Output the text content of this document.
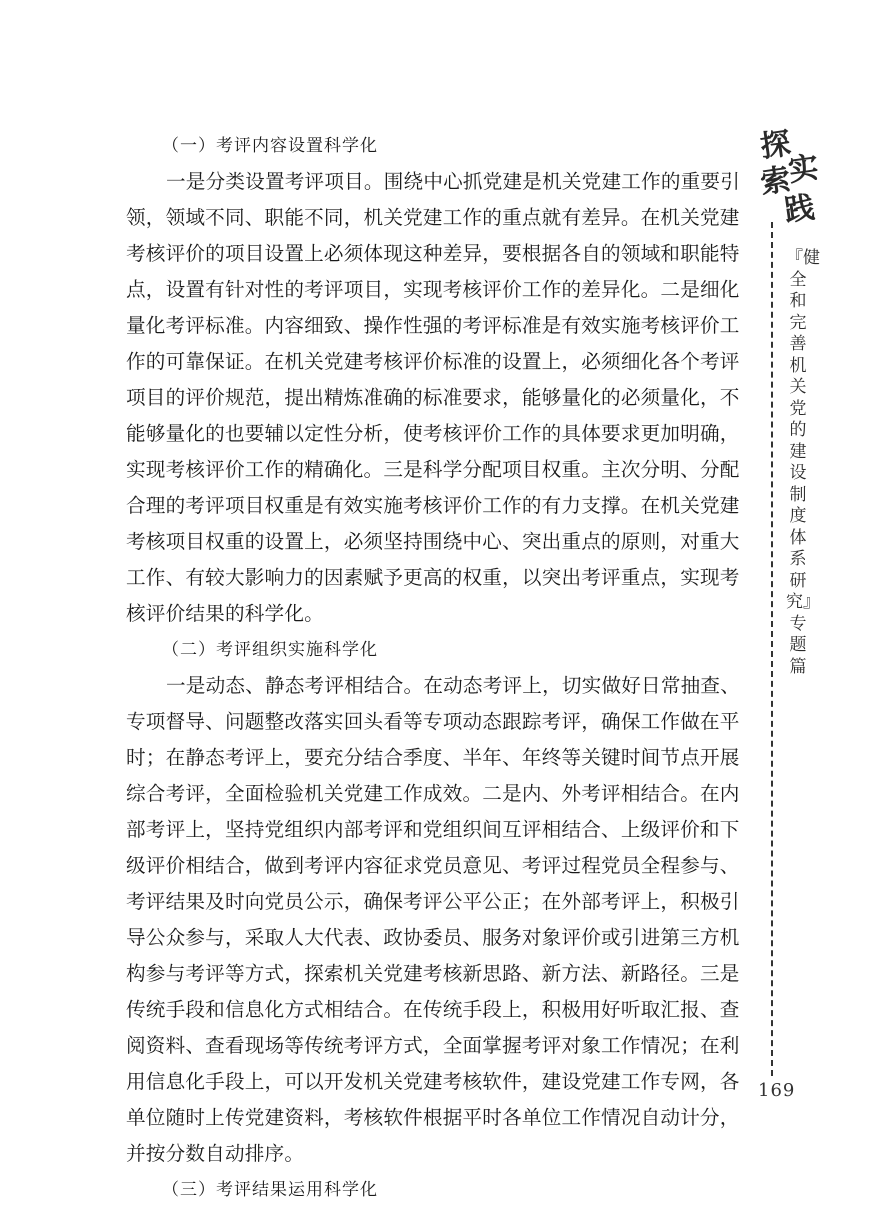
（一）考评内容设置科学化
一是分类设置考评项目。围绕中心抓党建是机关党建工作的重要引
领，领域不同、职能不同，机关党建工作的重点就有差异。在机关党建
考核评价的项目设置上必须体现这种差异，要根据各自的领域和职能特
点，设置有针对性的考评项目，实现考核评价工作的差异化。二是细化
量化考评标准。内容细致、操作性强的考评标准是有效实施考核评价工
作的可靠保证。在机关党建考核评价标准的设置上，必须细化各个考评
项目的评价规范，提出精炼准确的标准要求，能够量化的必须量化，不
能够量化的也要辅以定性分析，使考核评价工作的具体要求更加明确，
实现考核评价工作的精确化。三是科学分配项目权重。主次分明、分配
合理的考评项目权重是有效实施考核评价工作的有力支撑。在机关党建
考核项目权重的设置上，必须坚持围绕中心、突出重点的原则，对重大
工作、有较大影响力的因素赋予更高的权重，以突出考评重点，实现考
核评价结果的科学化。
（二）考评组织实施科学化
一是动态、静态考评相结合。在动态考评上，切实做好日常抽查、
专项督导、问题整改落实回头看等专项动态跟踪考评，确保工作做在平
时；在静态考评上，要充分结合季度、半年、年终等关键时间节点开展
综合考评，全面检验机关党建工作成效。二是内、外考评相结合。在内
部考评上，坚持党组织内部考评和党组织间互评相结合、上级评价和下
级评价相结合，做到考评内容征求党员意见、考评过程党员全程参与、
考评结果及时向党员公示，确保考评公平公正；在外部考评上，积极引
导公众参与，采取人大代表、政协委员、服务对象评价或引进第三方机
构参与考评等方式，探索机关党建考核新思路、新方法、新路径。三是
传统手段和信息化方式相结合。在传统手段上，积极用好听取汇报、查
阅资料、查看现场等传统考评方式，全面掌握考评对象工作情况；在利
用信息化手段上，可以开发机关党建考核软件，建设党建工作专网，各
单位随时上传党建资料，考核软件根据平时各单位工作情况自动计分，
并按分数自动排序。
（三）考评结果运用科学化
探
索
实
践
『健全和完善机关党的建设制度体系研究』专题篇
169
